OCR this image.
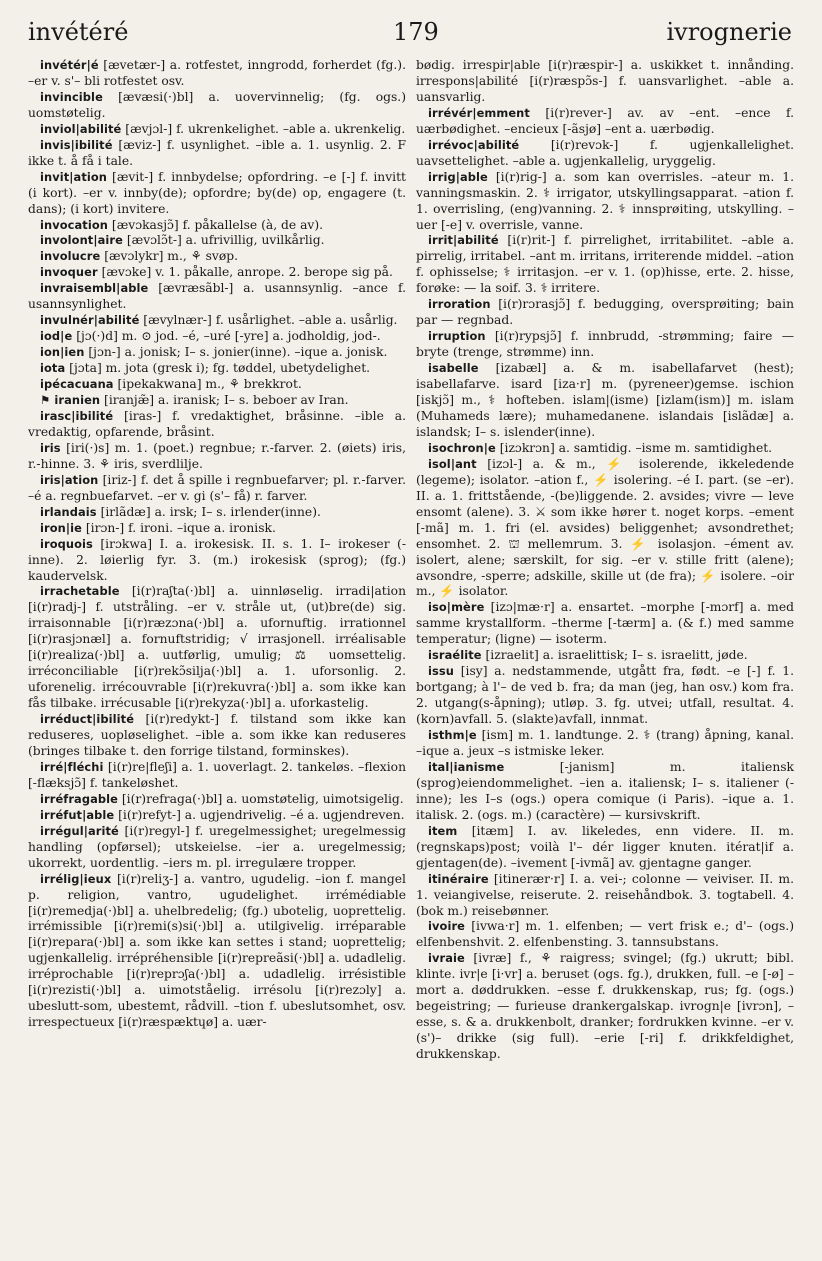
invétéré	179	ivrognerie

invétér|é [ævetær-] a. rotfestet, inngrodd, forherdet (fg.). –er v. s'– bli rotfestet osv.

invincible [ævæsi(·)bl] a. uovervinnelig; (fg. ogs.) uomstøtelig.

inviol|abilité [ævjɔl-] f. ukrenkelighet. –able a. ukrenkelig.

invis|ibilité [æviz-] f. usynlighet. –ible a. 1. usynlig. 2. F ikke t. å få i tale.

invit|ation [ævit-] f. innbydelse; opfordring. –e [-] f. invitt (i kort). –er v. innby(de); opfordre; by(de) op, engagere (t. dans); (i kort) invitere.

invocation [ævɔkasjɔ̃] f. påkallelse (à, de av).

involont|aire [ævɔlɔ̃t-] a. ufrivillig, uvilkårlig.

involucre [ævɔlykr] m., ⚘ svøp.

invoquer [ævɔke] v. 1. påkalle, anrope. 2. berope sig på.

invraisembl|able [ævræsãbl-] a. usannsynlig. –ance f. usannsynlighet.

invulnér|abilité [ævylnær-] f. usårlighet. –able a. usårlig.

iod|e [jɔ(·)d] m. ⊙ jod. –é, –uré [-yre] a. jodholdig, jod-.

ion|ien [jɔn-] a. jonisk; I– s. jonier(inne). –ique a. jonisk.

iota [jɔta] m. jota (gresk i); fg. tøddel, ubetydelighet.

ipécacuana [ipekakwana] m., ⚘ brekkrot.

⚑ iranien [iranjæ̃] a. iranisk; I– s. beboer av Iran.

irasc|ibilité [iras-] f. vredaktighet, bråsinne. –ible a. vredaktig, opfarende, bråsint.

iris [iri(·)s] m. 1. (poet.) regnbue; r.-farver. 2. (øiets) iris, r.-hinne. 3. ⚘ iris, sverdlilje.

iris|ation [iriz-] f. det å spille i regnbuefarver; pl. r.-farver. –é a. regnbuefarvet. –er v. gi (s'– få) r. farver.

irlandais [irlãdæ] a. irsk; I– s. irlender(inne).

iron|ie [irɔn-] f. ironi. –ique a. ironisk.

iroquois [irɔkwa] I. a. irokesisk. II. s. 1. I– irokeser (-inne). 2. løierlig fyr. 3. (m.) irokesisk (sprog); (fg.) kaudervelsk.

irrachetable [i(r)raʃta(·)bl] a. uinnløselig. irradi|ation [i(r)radj-] f. utstråling. –er v. stråle ut, (ut)bre(de) sig. irraisonnable [i(r)ræzɔna(·)bl] a. ufornuftig. irrationnel [i(r)rasjɔnæl] a. fornuftstridig; √ irrasjonell. irréalisable [i(r)realiza(·)bl] a. uutførlig, umulig; ⚖ uomsettelig. irréconciliable [i(r)rekɔ̃silja(·)bl] a. 1. uforsonlig. 2. uforenelig. irrécouvrable [i(r)rekuvra(·)bl] a. som ikke kan fås tilbake. irrécusable [i(r)rekyza(·)bl] a. uforkastelig.

irréduct|ibilité [i(r)redykt-] f. tilstand som ikke kan reduseres, uopløselighet. –ible a. som ikke kan reduseres (bringes tilbake t. den forrige tilstand, forminskes).

irré|fléchi [i(r)re|fleʃi] a. 1. uoverlagt. 2. tankeløs. –flexion [-flæksjɔ̃] f. tankeløshet.

irréfragable [i(r)refraga(·)bl] a. uomstøtelig, uimotsigelig.

irréfut|able [i(r)refyt-] a. ugjendrivelig. –é a. ugjendreven.

irrégul|arité [i(r)regyl-] f. uregelmessighet; uregelmessig handling (opførsel); utskeielse. –ier a. uregelmessig; ukorrekt, uordentlig. –iers m. pl. irregulære tropper.

irrélig|ieux [i(r)reliʒ-] a. vantro, ugudelig. –ion f. mangel p. religion, vantro, ugudelighet. irrémédiable [i(r)remedja(·)bl] a. uhelbredelig; (fg.) ubotelig, uoprettelig. irrémissible [i(r)remi(s)si(·)bl] a. utilgivelig. irréparable [i(r)repara(·)bl] a. som ikke kan settes i stand; uoprettelig; ugjenkallelig. irrépréhensible [i(r)repreãsi(·)bl] a. udadlelig. irréprochable [i(r)reprɔʃa(·)bl] a. udadlelig. irrésistible [i(r)rezisti(·)bl] a. uimotståelig. irrésolu [i(r)rezɔly] a. ubeslutt-som, ubestemt, rådvill. –tion f. ubeslutsomhet, osv. irrespectueux [i(r)ræspæktɥø] a. uær-

bødig. irrespir|able [i(r)ræspir-] a. uskikket t. innånding. irrespons|abilité [i(r)ræspɔ̃s-] f. uansvarlighet. –able a. uansvarlig.

irrévér|emment [i(r)rever-] av. av –ent. –ence f. uærbødighet. –encieux [-ãsjø] –ent a. uærbødig.

irrévoc|abilité [i(r)revɔk-] f. ugjenkallelighet. uavsettelighet. –able a. ugjenkallelig, uryggelig.

irrig|able [i(r)rig-] a. som kan overrisles. –ateur m. 1. vanningsmaskin. 2. ⚕ irrigator, utskyllingsapparat. –ation f. 1. overrisling, (eng)vanning. 2. ⚕ innsprøiting, utskylling. –uer [-e] v. overrisle, vanne.

irrit|abilité [i(r)rit-] f. pirrelighet, irritabilitet. –able a. pirrelig, irritabel. –ant m. irritans, irriterende middel. –ation f. ophisselse; ⚕ irritasjon. –er v. 1. (op)hisse, erte. 2. hisse, forøke: — la soif. 3. ⚕ irritere.

irroration [i(r)rɔrasjɔ̃] f. bedugging, oversprøiting; bain par — regnbad.

irruption [i(r)rypsjɔ̃] f. innbrudd, -strømming; faire — bryte (trenge, strømme) inn.

isabelle [izabæl] a. & m. isabellafarvet (hest); isabellafarve. isard [iza·r] m. (pyreneer)gemse. ischion [iskjɔ̃] m., ⚕ hofteben. islam|(isme) [izlam(ism)] m. islam (Muhameds lære); muhamedanene. islandais [islãdæ] a. islandsk; I– s. islender(inne).

isochron|e [izɔkrɔn] a. samtidig. –isme m. samtidighet.

isol|ant [izɔl-] a. & m., ⚡ isolerende, ikkeledende (legeme); isolator. –ation f., ⚡ isolering. –é I. part. (se –er). II. a. 1. frittstående, -(be)liggende. 2. avsides; vivre — leve ensomt (alene). 3. ⚔ som ikke hører t. noget korps. –ement [-mã] m. 1. fri (el. avsides) beliggenhet; avsondrethet; ensomhet. 2. ⛫ mellemrum. 3. ⚡ isolasjon. –ément av. isolert, alene; særskilt, for sig. –er v. stille fritt (alene); avsondre, -sperre; adskille, skille ut (de fra); ⚡ isolere. –oir m., ⚡ isolator.

iso|mère [izɔ|mæ·r] a. ensartet. –morphe [-mɔrf] a. med samme krystallform. –therme [-tærm] a. (& f.) med samme temperatur; (ligne) — isoterm.

israélite [izraelit] a. israelittisk; I– s. israelitt, jøde.

issu [isy] a. nedstammende, utgått fra, født. –e [-] f. 1. bortgang; à l'– de ved b. fra; da man (jeg, han osv.) kom fra. 2. utgang(s-åpning); utløp. 3. fg. utvei; utfall, resultat. 4. (korn)avfall. 5. (slakte)avfall, innmat.

isthm|e [ism] m. 1. landtunge. 2. ⚕ (trang) åpning, kanal. –ique a. jeux –s istmiske leker.

ital|ianisme [-janism] m. italiensk (sprog)eiendommelighet. –ien a. italiensk; I– s. italiener (-inne); les I–s (ogs.) opera comique (i Paris). –ique a. 1. italisk. 2. (ogs. m.) (caractère) — kursivskrift.

item [itæm] I. av. likeledes, enn videre. II. m. (regnskaps)post; voilà l'– dér ligger knuten. itérat|if a. gjentagen(de). –ivement [-ivmã] av. gjentagne ganger.

itinéraire [itinerær·r] I. a. vei-; colonne — veiviser. II. m. 1. veiangivelse, reiserute. 2. reisehåndbok. 3. togtabell. 4. (bok m.) reisebønner.

ivoire [ivwa·r] m. 1. elfenben; — vert frisk e.; d'– (ogs.) elfenbenshvit. 2. elfenbensting. 3. tannsubstans.

ivraie [ivræ] f., ⚘ raigress; svingel; (fg.) ukrutt; bibl. klinte. ivr|e [i·vr] a. beruset (ogs. fg.), drukken, full. –e [-ø] –mort a. døddrukken. –esse f. drukkenskap, rus; fg. (ogs.) begeistring; — furieuse drankergalskap. ivrogn|e [ivrɔn], –esse, s. & a. drukkenbolt, dranker; fordrukken kvinne. –er v. (s')– drikke (sig full). –erie [-ri] f. drikkfeldighet, drukkenskap.
